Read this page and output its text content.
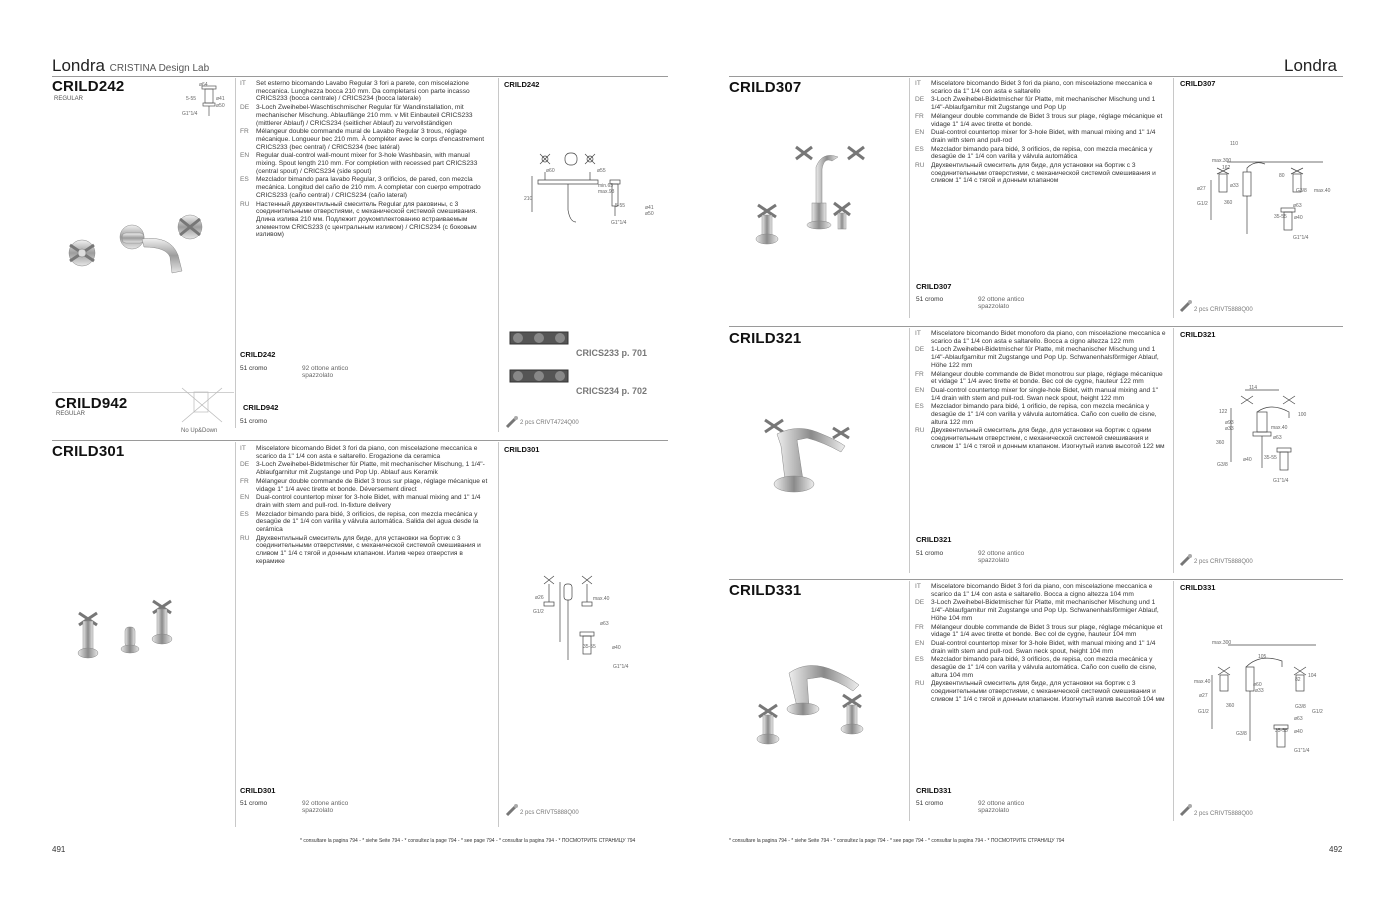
Londra CRISTINA Design Lab
CRILD242
REGULAR
ø64
5-55	ø41
ø50
G1"1/4
IT	Set esterno bicomando Lavabo Regular 3 fori a parete, con miscelazione meccanica. Lunghezza bocca 210 mm. Da completarsi con parte incasso CRICS233 (bocca centrale) / CRICS234 (bocca laterale)
DE	3-Loch Zweihebel-Waschtischmischer Regular für Wandinstallation, mit mechanischer Mischung. Ablauflänge 210 mm. v Mit Einbauteil CRICS233 (mittlerer Ablauf) / CRICS234 (seitlicher Ablauf) zu vervollständigen
FR	Mélangeur double commande mural de Lavabo Regular 3 trous, réglage mécanique. Longueur bec 210 mm. À compléter avec le corps d'encastrement CRICS233 (bec central) / CRICS234 (bec latéral)
EN	Regular dual-control wall-mount mixer for 3-hole Washbasin, with manual mixing. Spout length 210 mm. For completion with recessed part CRICS233 (central spout) / CRICS234 (side spout)
ES	Mezclador bimando para lavabo Regular, 3 orificios, de pared, con mezcla mecánica. Longitud del caño de 210 mm. A completar con cuerpo empotrado CRICS233 (caño central) / CRICS234 (caño lateral)
RU Настенный двухвентильный смеситель Regular для раковины, с 3 соединительными отверстиями, с механической системой смешивания. Длина излива 210 мм. Подлежит доукомплектованию встраиваемым элементом CRICS233 (с центральным изливом) / CRICS234 (с боковым изливом)
CRILD242
51 cromo	92 ottone antico spazzolato
CRILD242
ø60	ø55
min.63 max.93
210
5-55	ø41
ø50
G1"1/4
CRICS233 p. 701
CRICS234 p. 702
2 pcs CRIVT4724Q00
CRILD942
REGULAR
No Up&Down
CRILD942
51 cromo
CRILD301	IT	Miscelatore bicomando Bidet 3 fori da piano, con miscelazione meccanica e scarico da 1" 1/4 con asta e saltarello. Erogazione da ceramica
DE	3-Loch Zweihebel-Bidetmischer für Platte, mit mechanischer Mischung, 1 1/4"-Ablaufgarnitur mit Zugstange und Pop Up. Ablauf aus Keramik
FR	Mélangeur double commande de Bidet 3 trous sur plage, réglage mécanique et vidage 1" 1/4 avec tirette et bonde. Déversement direct
EN	Dual-control countertop mixer for 3-hole Bidet, with manual mixing and 1" 1/4 drain with stem and pull-rod. In-fixture delivery
ES	Mezclador bimando para bidé, 3 orificios, de repisa, con mezcla mecánica y desagüe de 1" 1/4 con varilla y válvula automática. Salida del agua desde la cerámica
RU Двухвентильный смеситель для биде, для установки на бортик с 3 соединительными отверстиями, с механической системой смешивания и сливом 1" 1/4 с тягой и донным клапаном. Излив через отверстия в керамике
CRILD301
51 cromo	92 ottone antico spazzolato
CRILD301
ø63
ø26	max.40
G1/2
35-55	ø40
G1"1/4
2 pcs CRIVT5888Q00
* consultare la pagina 794 - * siehe Seite 794 - * consultez la page 794 - * see page 794 - * consultar la pagina 794 - * ПОСМОТРИТЕ СТРАНИЦУ 794
491
Londra
CRILD307	IT	Miscelatore bicomando Bidet 3 fori da piano, con miscelazione meccanica e scarico da 1" 1/4 con asta e saltarello
DE	3-Loch Zweihebel-Bidetmischer für Platte, mit mechanischer Mischung und 1 1/4"-Ablaufgarnitur mit Zugstange und Pop Up
FR	Mélangeur double commande de Bidet 3 trous sur plage, réglage mécanique et vidage 1" 1/4 avec tirette et bonde.
EN	Dual-control countertop mixer for 3-hole Bidet, with manual mixing and 1" 1/4 drain with stem and pull-rod
ES	Mezclador bimando para bidé, 3 orificios, de repisa, con mezcla mecánica y desagüe de 1" 1/4 con varilla y válvula automática
RU Двухвентильный смеситель для биде, для установки на бортик с 3 соединительными отверстиями, с механической системой смешивания и сливом 1" 1/4 с тягой и донным клапаном
CRILD307
51 cromo	92 ottone antico spazzolato
CRILD307
max.300
110
162
80
ø27	ø33
G3/8 max.40
G1/2	360	ø63
35-55 ø40
G1"1/4
2 pcs CRIVT5888Q00
CRILD321	IT	Miscelatore bicomando Bidet monoforo da piano, con miscelazione meccanica e scarico da 1" 1/4 con asta e saltarello. Bocca a cigno altezza 122 mm
DE	1-Loch Zweihebel-Bidetmischer für Platte, mit mechanischer Mischung und 1 1/4"-Ablaufgarnitur mit Zugstange und Pop Up. Schwanenhalsförmiger Ablauf, Höhe 122 mm
FR	Mélangeur double commande de Bidet monotrou sur plage, réglage mécanique et vidage 1" 1/4 avec tirette et bonde. Bec col de cygne, hauteur 122 mm
EN	Dual-control countertop mixer for single-hole Bidet, with manual mixing and 1" 1/4 drain with stem and pull-rod. Swan neck spout, height 122 mm
ES	Mezclador bimando para bidé, 1 orificio, de repisa, con mezcla mecánica y desagüe de 1" 1/4 con varilla y válvula automática. Caño con cuello de cisne, altura 122 mm
RU Двухвентильный смеситель для биде, для установки на бортик с одним соединительным отверстием, с механической системой смешивания и сливом 1" 1/4 с тягой и донным клапаном. Изогнутый излив высотой 122 мм
CRILD321
51 cromo	92 ottone antico spazzolato
CRILD321
114
122	100
ø93
ø33	max.40
360
ø63
G3/8
ø40 35-55
G1"1/4
2 pcs CRIVT5888Q00
CRILD331	IT	Miscelatore bicomando Bidet 3 fori da piano, con miscelazione meccanica e scarico da 1" 1/4 con asta e saltarello. Bocca a cigno altezza 104 mm
DE	3-Loch Zweihebel-Bidetmischer für Platte, mit mechanischer Mischung und 1 1/4"-Ablaufgarnitur mit Zugstange und Pop Up. Schwanenhalsförmiger Ablauf, Höhe 104 mm
FR	Mélangeur double commande de Bidet 3 trous sur plage, réglage mécanique et vidage 1" 1/4 avec tirette et bonde. Bec col de cygne, hauteur 104 mm
EN	Dual-control countertop mixer for 3-hole Bidet, with manual mixing and 1" 1/4 drain with stem and pull-rod. Swan neck spout, height 104 mm
ES	Mezclador bimando para bidé, 3 orificios, de repisa, con mezcla mecánica y desagüe de 1" 1/4 con varilla y válvula automática. Caño con cuello de cisne, altura 104 mm
RU Двухвентильный смеситель для биде, для установки на бортик с 3 соединительными отверстиями, с механической системой смешивания и сливом 1" 1/4 с тягой и донным клапаном. Изогнутый излив высотой 104 мм
CRILD331
51 cromo	92 ottone antico spazzolato
CRILD331
max.300
105
max.40
104
82
ø27
ø60
ø33
G1/2
360	G3/8
G1/2
ø63
G3/8	35-55 ø40
G1"1/4
2 pcs CRIVT5888Q00
* consultare la pagina 794 - * siehe Seite 794 - * consultez la page 794 - * see page 794 - * consultar la pagina 794 - * ПОСМОТРИТЕ СТРАНИЦУ 794
492
